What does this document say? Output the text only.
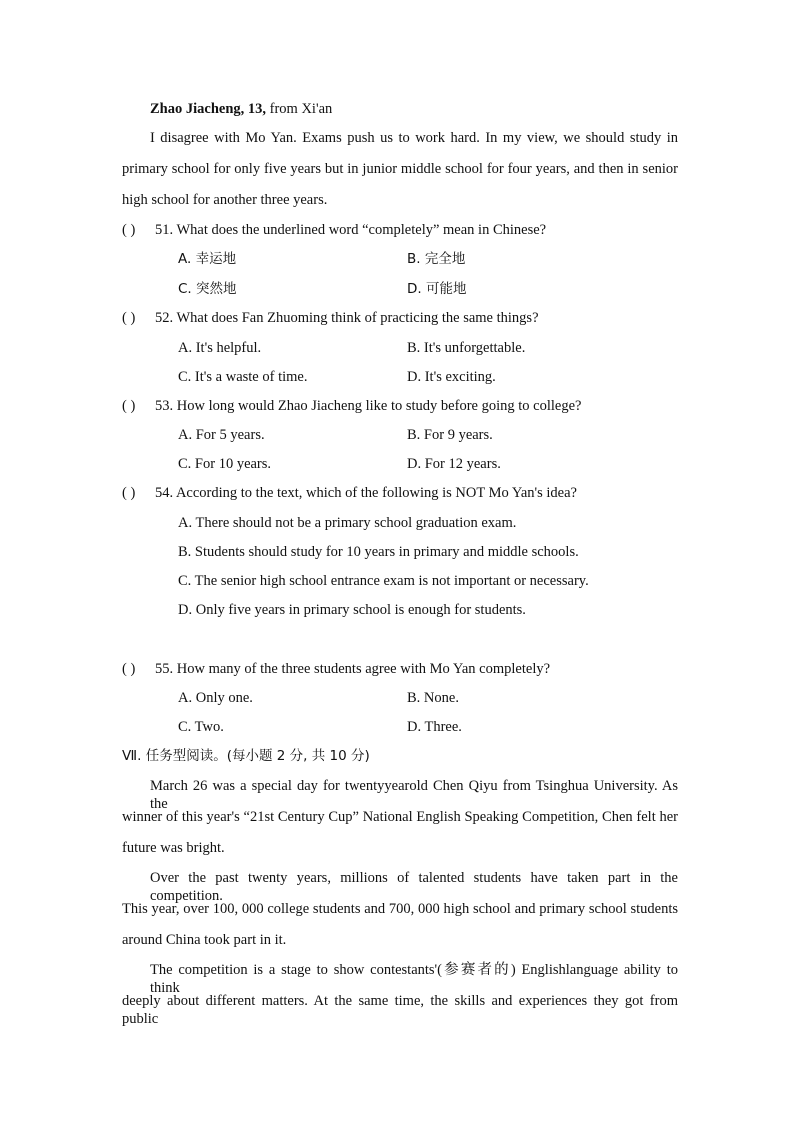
Zhao Jiacheng, 13, from Xi'an
I disagree with Mo Yan. Exams push us to work hard. In my view, we should study in
primary school for only five years but in junior middle school for four years, and then in senior
high school for another three years.
( ) 51. What does the underlined word “completely” mean in Chinese?
A. 幸运地	B. 完全地
C. 突然地	D. 可能地
( ) 52. What does Fan Zhuoming think of practicing the same things?
A. It's helpful.	B. It's unforgettable.
C. It's a waste of time.	D. It's exciting.
( ) 53. How long would Zhao Jiacheng like to study before going to college?
A. For 5 years.	B. For 9 years.
C. For 10 years.	D. For 12 years.
( ) 54. According to the text, which of the following is NOT Mo Yan's idea?
A. There should not be a primary school graduation exam.
B. Students should study for 10 years in primary and middle schools.
C. The senior high school entrance exam is not important or necessary.
D. Only five years in primary school is enough for students.
( ) 55. How many of the three students agree with Mo Yan completely?
A. Only one.	B. None.
C. Two.	D. Three.
Ⅶ. 任务型阅读。(每小题 2 分, 共 10 分)
March 26 was a special day for twentyyearold Chen Qiyu from Tsinghua University. As the
winner of this year's “21st Century Cup” National English Speaking Competition, Chen felt her
future was bright.
Over the past twenty years, millions of talented students have taken part in the competition.
This year, over 100, 000 college students and 700, 000 high school and primary school students
around China took part in it.
The competition is a stage to show contestants'(参赛者的) Englishlanguage ability to think
deeply about different matters. At the same time, the skills and experiences they got from public
